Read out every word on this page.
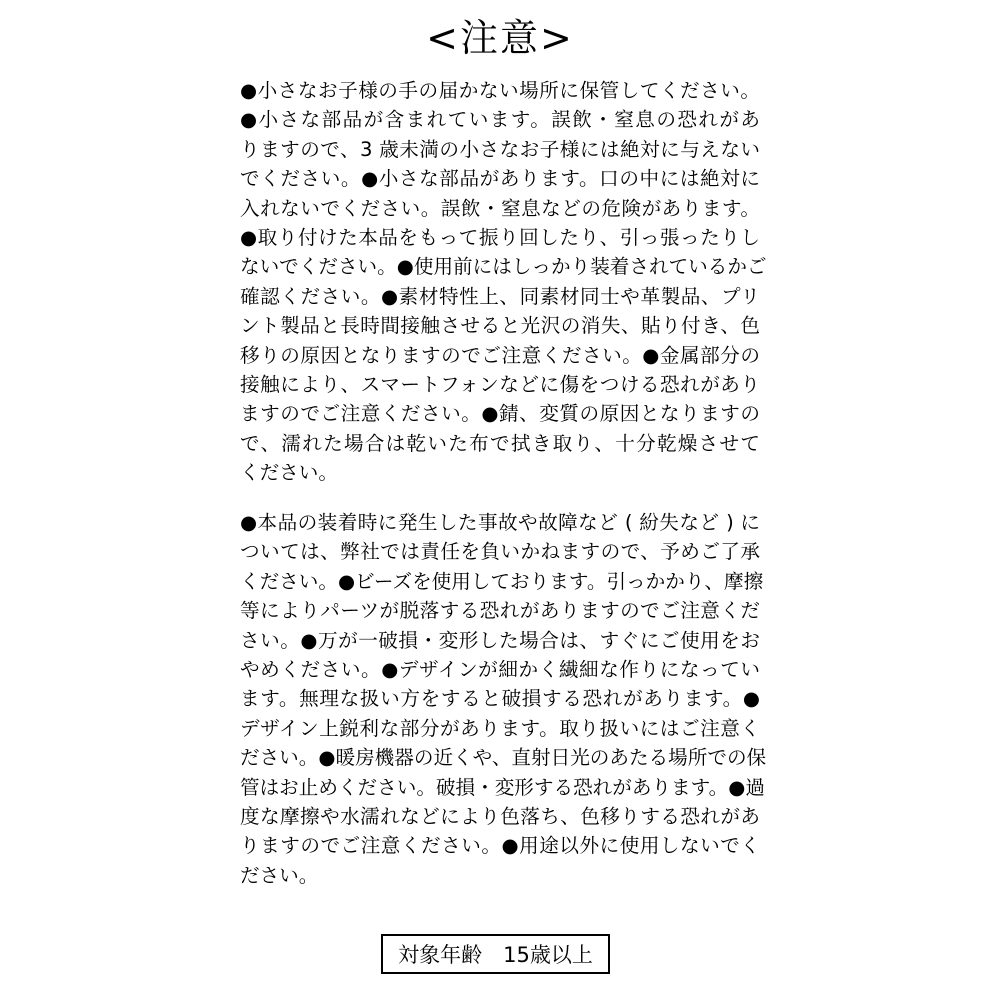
<注意>
●小さなお子様の手の届かない場所に保管してください。
●小さな部品が含まれています。誤飲・窒息の恐れがあ
りますので、3 歳未満の小さなお子様には絶対に与えない
でください。●小さな部品があります。口の中には絶対に
入れないでください。誤飲・窒息などの危険があります。
●取り付けた本品をもって振り回したり、引っ張ったりし
ないでください。●使用前にはしっかり装着されているかご
確認ください。●素材特性上、同素材同士や革製品、プリ
ント製品と長時間接触させると光沢の消失、貼り付き、色
移りの原因となりますのでご注意ください。●金属部分の
接触により、スマートフォンなどに傷をつける恐れがあり
ますのでご注意ください。●錆、変質の原因となりますの
で、濡れた場合は乾いた布で拭き取り、十分乾燥させて
ください。
●本品の装着時に発生した事故や故障など ( 紛失など ) に
ついては、弊社では責任を負いかねますので、予めご了承
ください。●ビーズを使用しております。引っかかり、摩擦
等によりパーツが脱落する恐れがありますのでご注意くだ
さい。●万が一破損・変形した場合は、すぐにご使用をお
やめください。●デザインが細かく繊細な作りになってい
ます。無理な扱い方をすると破損する恐れがあります。●
デザイン上鋭利な部分があります。取り扱いにはご注意く
ださい。●暖房機器の近くや、直射日光のあたる場所での保
管はお止めください。破損・変形する恐れがあります。●過
度な摩擦や水濡れなどにより色落ち、色移りする恐れがあ
りますのでご注意ください。●用途以外に使用しないでく
ださい。
対象年齢　15歳以上
